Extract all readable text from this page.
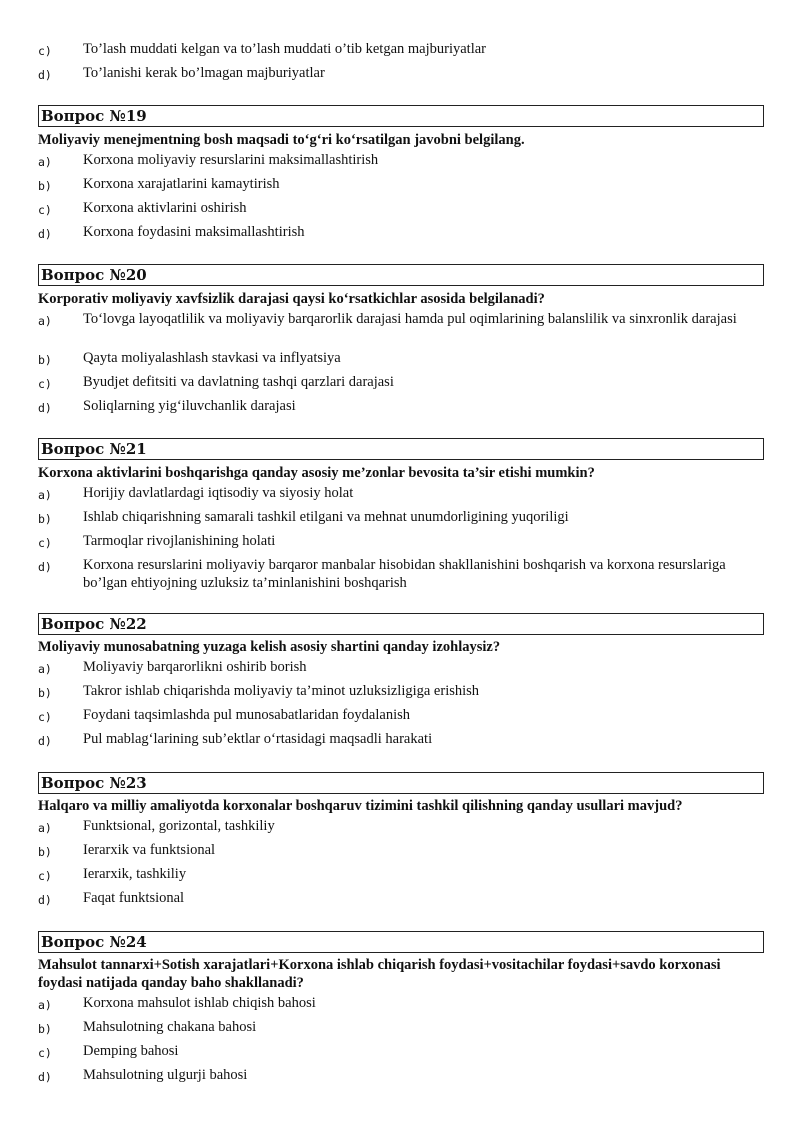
c)	To’lash muddati kelgan va to’lash muddati o’tib ketgan majburiyatlar
d)	To’lanishi kerak bo’lmagan majburiyatlar
Вопрос №19
Moliyaviy menejmentning bosh maqsadi to‘g‘ri ko‘rsatilgan javobni belgilang.
a)	Korxona moliyaviy resurslarini maksimallashtirish
b)	Korxona xarajatlarini kamaytirish
c)	Korxona aktivlarini oshirish
d)	Korxona foydasini maksimallashtirish
Вопрос №20
Korporativ moliyaviy xavfsizlik darajasi qaysi ko‘rsatkichlar asosida belgilanadi?
a)	To‘lovga layoqatlilik va moliyaviy barqarorlik darajasi hamda pul oqimlarining balanslilik va sinxronlik darajasi
b)	Qayta moliyalashlash stavkasi va inflyatsiya
c)	Byudjet defitsiti va davlatning tashqi qarzlari darajasi
d)	Soliqlarning yig‘iluvchanlik darajasi
Вопрос №21
Korxona aktivlarini boshqarishga qanday asosiy me’zonlar bevosita ta’sir etishi mumkin?
a)	Horijiy davlatlardagi iqtisodiy va siyosiy holat
b)	Ishlab chiqarishning samarali tashkil etilgani va mehnat unumdorligining yuqoriligi
c)	Tarmoqlar rivojlanishining holati
d)	Korxona resurslarini moliyaviy barqaror manbalar hisobidan shakllanishini boshqarish va korxona resurslariga bo’lgan ehtiyojning uzluksiz ta’minlanishini boshqarish
Вопрос №22
Moliyaviy munosabatning yuzaga kelish asosiy shartini qanday izohlaysiz?
a)	Moliyaviy barqarorlikni oshirib borish
b)	Takror ishlab chiqarishda moliyaviy ta’minot uzluksizligiga erishish
c)	Foydani taqsimlashda pul munosabatlaridan foydalanish
d)	Pul mablag‘larining sub’ektlar o‘rtasidagi maqsadli harakati
Вопрос №23
Halqaro va milliy amaliyotda korxonalar boshqaruv tizimini tashkil qilishning qanday usullari mavjud?
a)	Funktsional, gorizontal, tashkiliy
b)	Ierarxik va funktsional
c)	Ierarxik, tashkiliy
d)	Faqat funktsional
Вопрос №24
Mahsulot tannarxi+Sotish xarajatlari+Korxona ishlab chiqarish foydasi+vositachilar foydasi+savdo korxonasi foydasi natijada qanday baho shakllanadi?
a)	Korxona mahsulot ishlab chiqish bahosi
b)	Mahsulotning chakana bahosi
c)	Demping bahosi
d)	Mahsulotning ulgurji bahosi
